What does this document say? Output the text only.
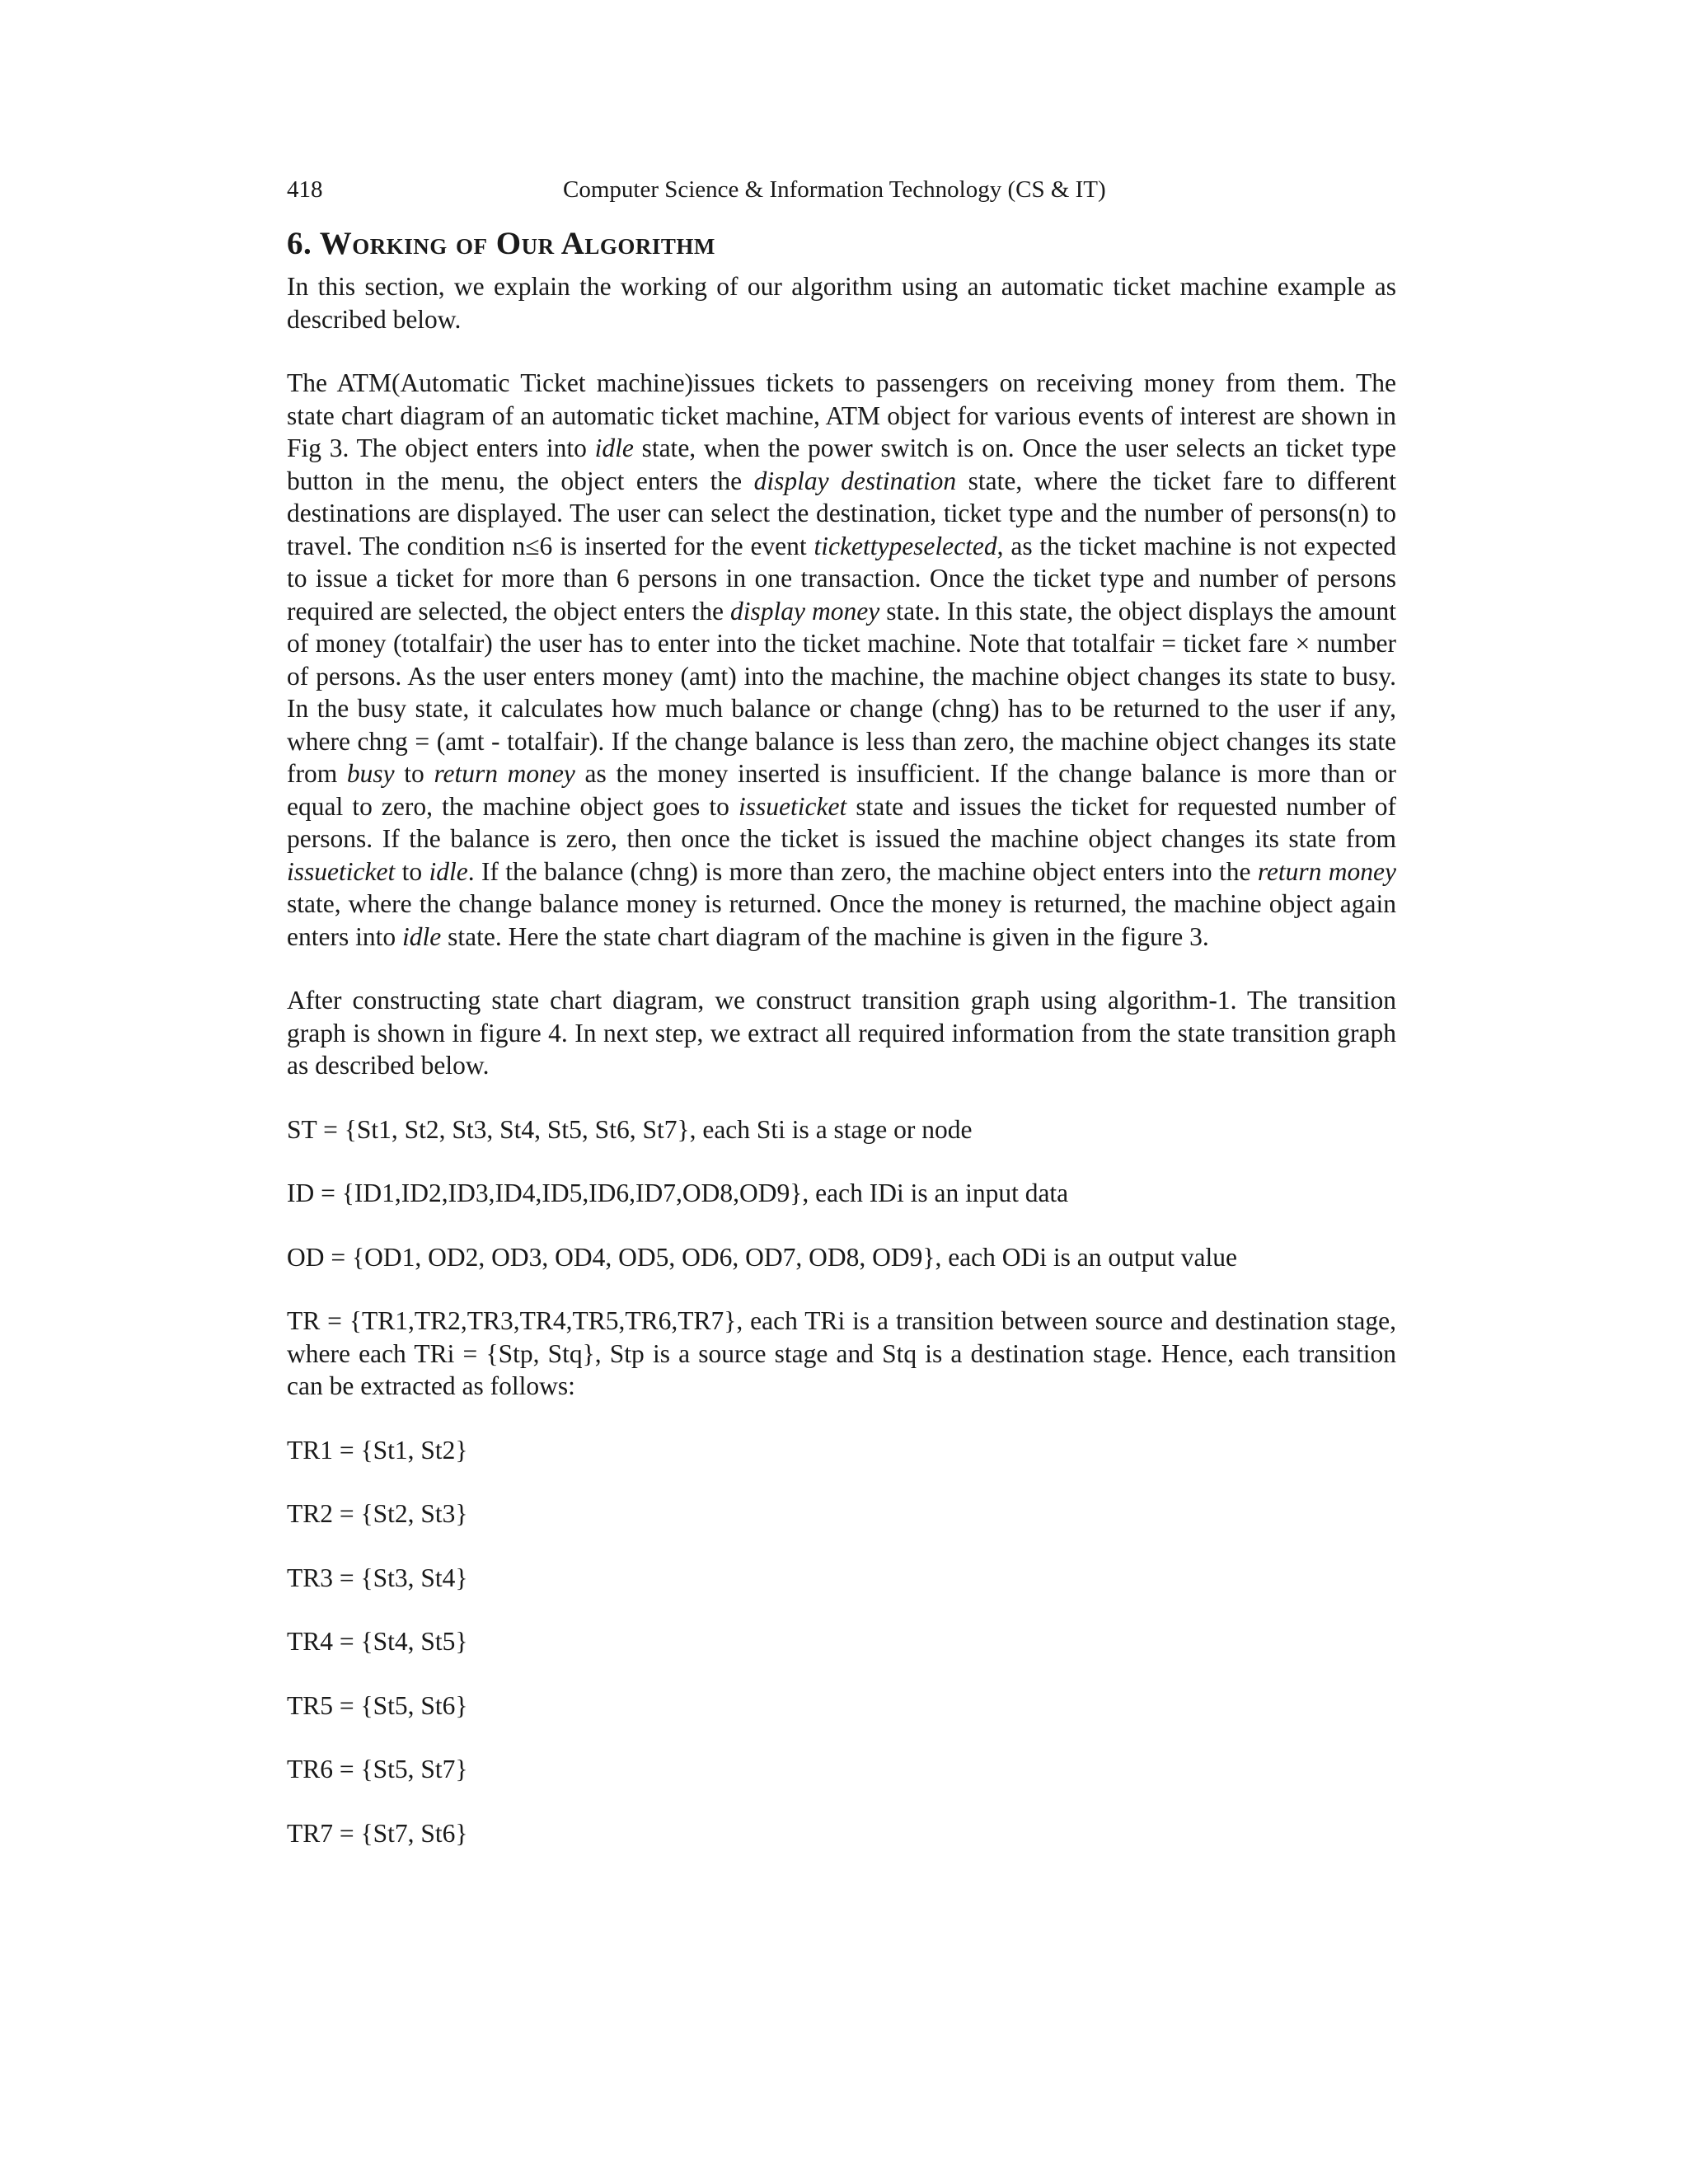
418	Computer Science & Information Technology (CS & IT)
6. Working of Our Algorithm

In this section, we explain the working of our algorithm using an automatic ticket machine example as described below.

The ATM(Automatic Ticket machine)issues tickets to passengers on receiving money from them. The state chart diagram of an automatic ticket machine, ATM object for various events of interest are shown in Fig 3. The object enters into idle state, when the power switch is on. Once the user selects an ticket type button in the menu, the object enters the display destination state, where the ticket fare to different destinations are displayed. The user can select the destination, ticket type and the number of persons(n) to travel. The condition n≤6 is inserted for the event tickettypeselected, as the ticket machine is not expected to issue a ticket for more than 6 persons in one transaction. Once the ticket type and number of persons required are selected, the object enters the display money state. In this state, the object displays the amount of money (totalfair) the user has to enter into the ticket machine. Note that totalfair = ticket fare × number of persons. As the user enters money (amt) into the machine, the machine object changes its state to busy. In the busy state, it calculates how much balance or change (chng) has to be returned to the user if any, where chng = (amt - totalfair). If the change balance is less than zero, the machine object changes its state from busy to return money as the money inserted is insufficient. If the change balance is more than or equal to zero, the machine object goes to issueticket state and issues the ticket for requested number of persons. If the balance is zero, then once the ticket is issued the machine object changes its state from issueticket to idle. If the balance (chng) is more than zero, the machine object enters into the return money state, where the change balance money is returned. Once the money is returned, the machine object again enters into idle state. Here the state chart diagram of the machine is given in the figure 3.

After constructing state chart diagram, we construct transition graph using algorithm-1. The transition graph is shown in figure 4. In next step, we extract all required information from the state transition graph as described below.

ST = {St1, St2, St3, St4, St5, St6, St7}, each Sti is a stage or node

ID = {ID1,ID2,ID3,ID4,ID5,ID6,ID7,OD8,OD9}, each IDi is an input data

OD = {OD1, OD2, OD3, OD4, OD5, OD6, OD7, OD8, OD9}, each ODi is an output value

TR = {TR1,TR2,TR3,TR4,TR5,TR6,TR7}, each TRi is a transition between source and destination stage, where each TRi = {Stp, Stq}, Stp is a source stage and Stq is a destination stage. Hence, each transition can be extracted as follows:

TR1 = {St1, St2}

TR2 = {St2, St3}

TR3 = {St3, St4}

TR4 = {St4, St5}

TR5 = {St5, St6}

TR6 = {St5, St7}

TR7 = {St7, St6}
